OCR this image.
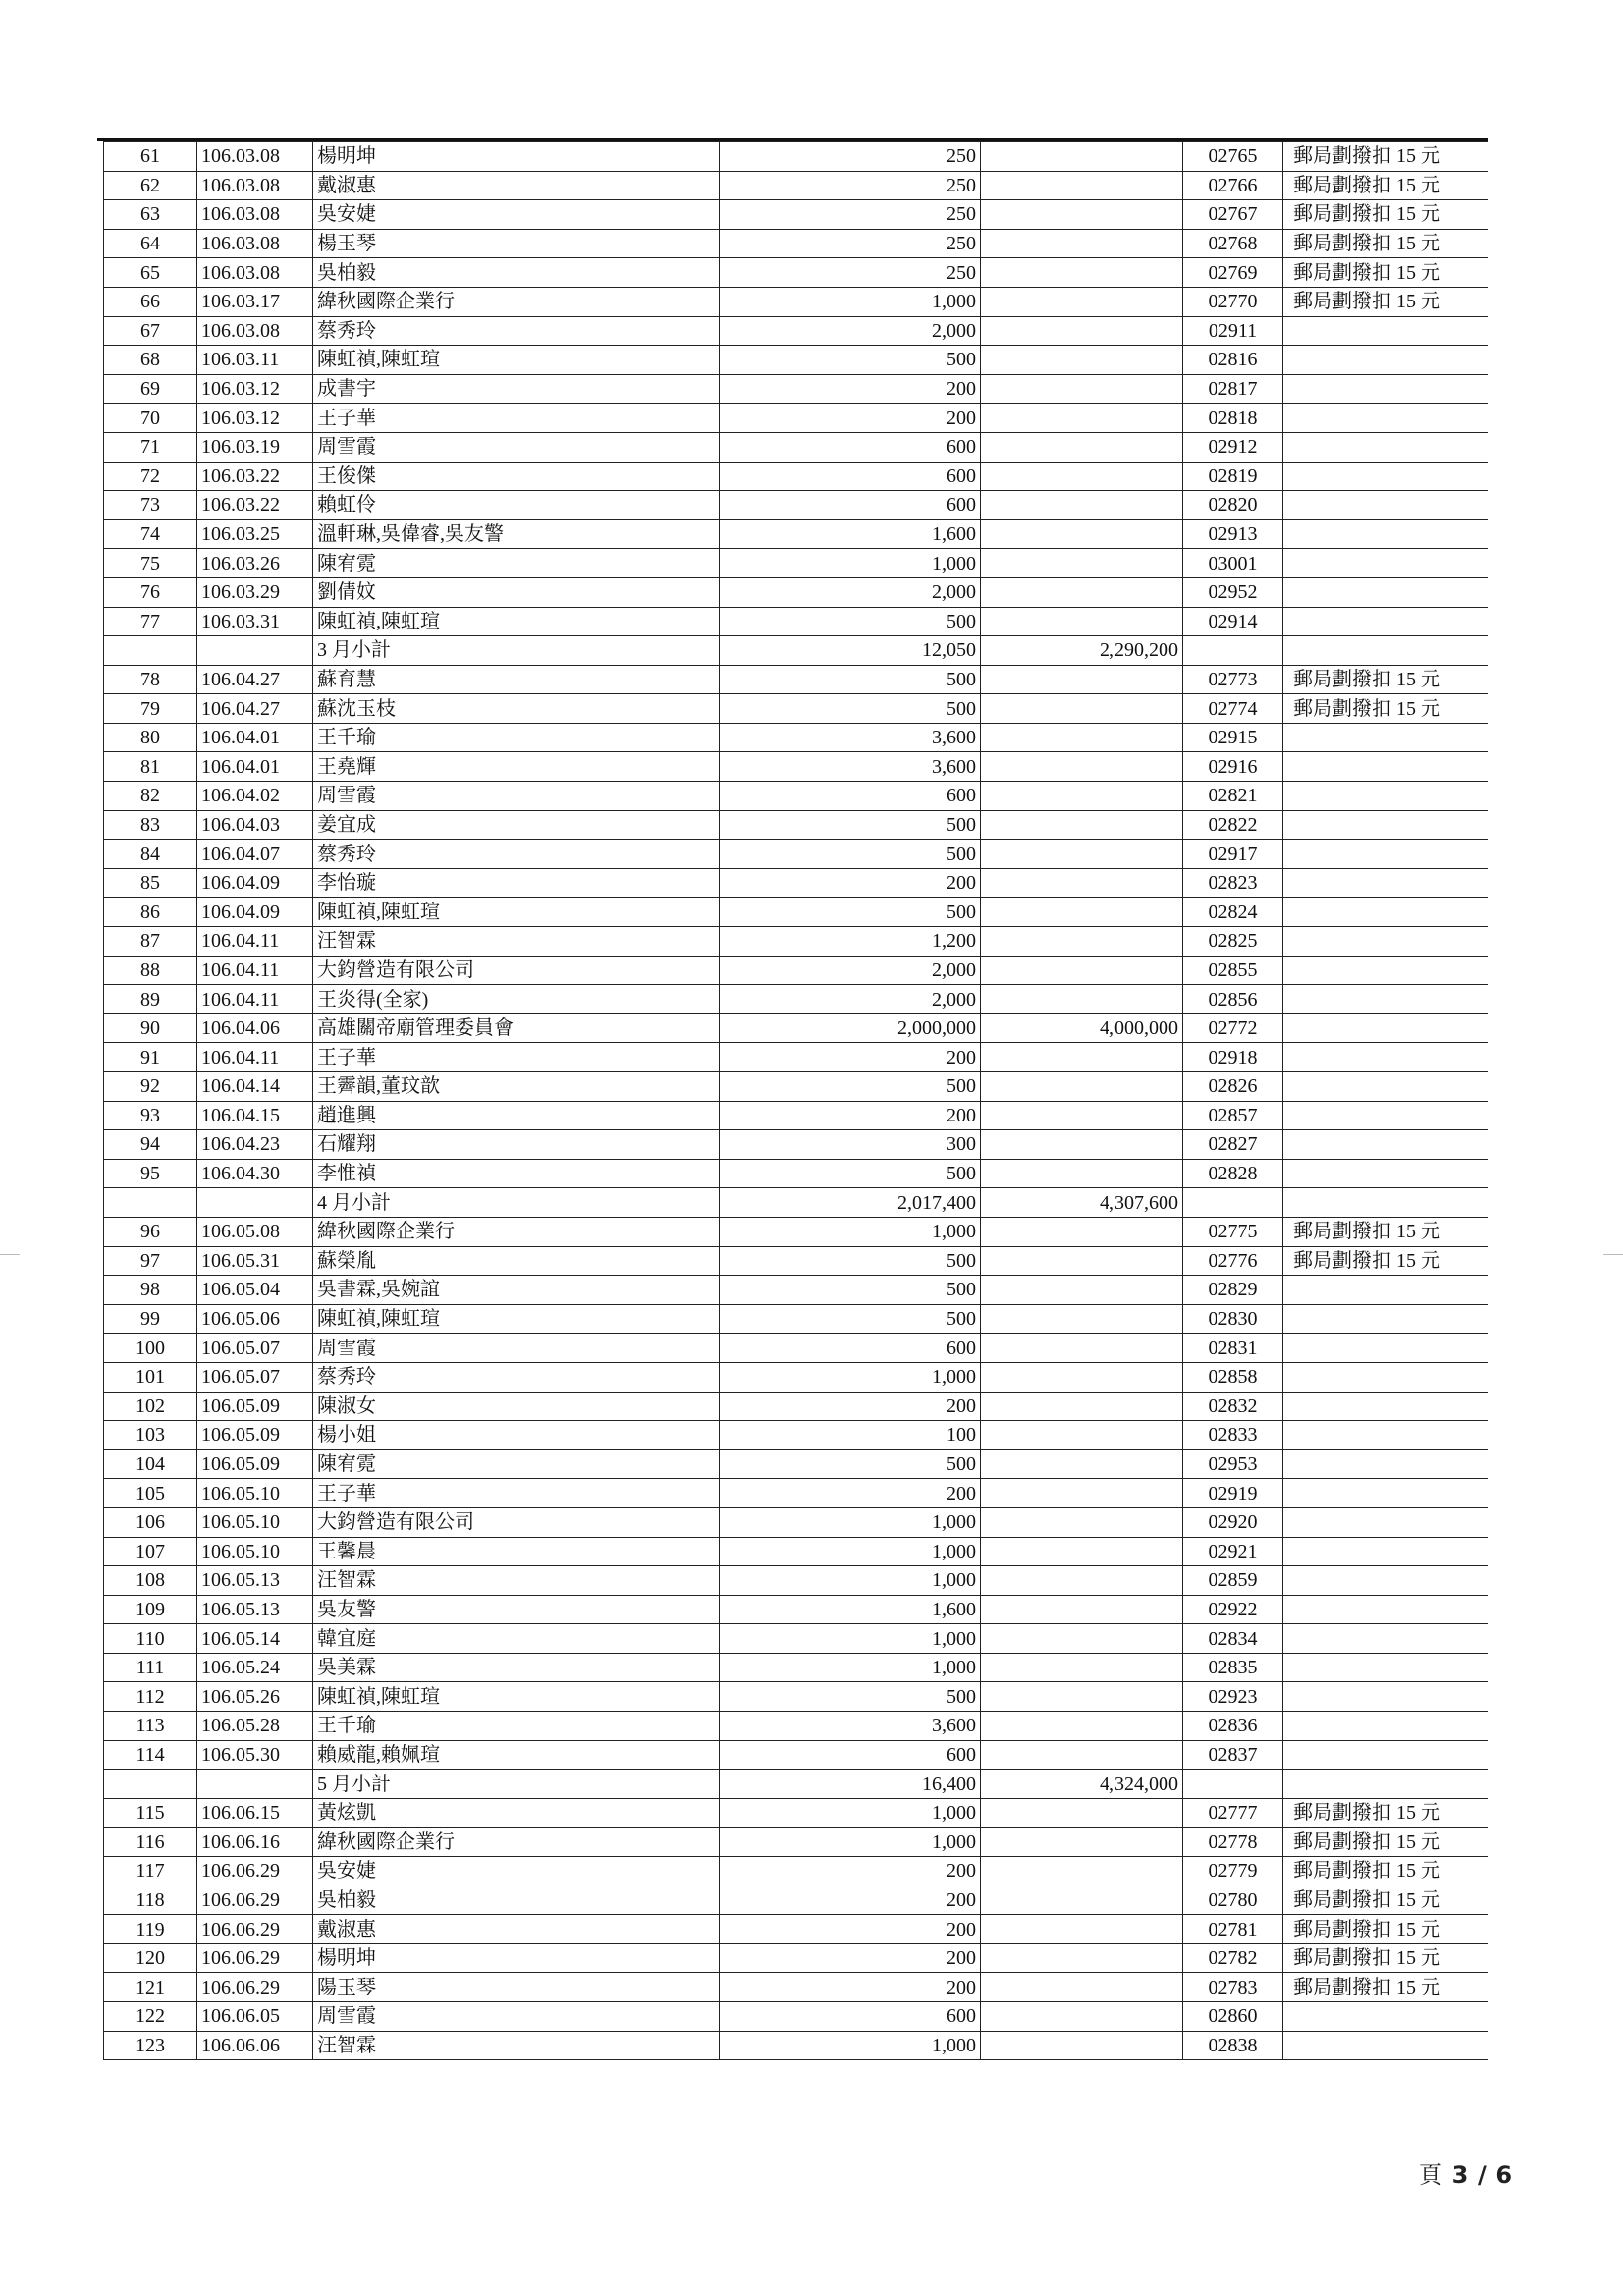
61	106.03.08	楊明坤	250		02765	郵局劃撥扣 15 元
62	106.03.08	戴淑惠	250		02766	郵局劃撥扣 15 元
63	106.03.08	吳安婕	250		02767	郵局劃撥扣 15 元
64	106.03.08	楊玉琴	250		02768	郵局劃撥扣 15 元
65	106.03.08	吳柏毅	250		02769	郵局劃撥扣 15 元
66	106.03.17	緯秋國際企業行	1,000		02770	郵局劃撥扣 15 元
67	106.03.08	蔡秀玲	2,000		02911	
68	106.03.11	陳虹禎,陳虹瑄	500		02816	
69	106.03.12	成書宇	200		02817	
70	106.03.12	王子華	200		02818	
71	106.03.19	周雪霞	600		02912	
72	106.03.22	王俊傑	600		02819	
73	106.03.22	賴虹伶	600		02820	
74	106.03.25	溫軒琳,吳偉睿,吳友警	1,600		02913	
75	106.03.26	陳宥霓	1,000		03001	
76	106.03.29	劉倩妏	2,000		02952	
77	106.03.31	陳虹禎,陳虹瑄	500		02914	
		3 月小計	12,050	2,290,200		
78	106.04.27	蘇育慧	500		02773	郵局劃撥扣 15 元
79	106.04.27	蘇沈玉枝	500		02774	郵局劃撥扣 15 元
80	106.04.01	王千瑜	3,600		02915	
81	106.04.01	王堯輝	3,600		02916	
82	106.04.02	周雪霞	600		02821	
83	106.04.03	姜宜成	500		02822	
84	106.04.07	蔡秀玲	500		02917	
85	106.04.09	李怡璇	200		02823	
86	106.04.09	陳虹禎,陳虹瑄	500		02824	
87	106.04.11	汪智霖	1,200		02825	
88	106.04.11	大鈞營造有限公司	2,000		02855	
89	106.04.11	王炎得(全家)	2,000		02856	
90	106.04.06	高雄關帝廟管理委員會	2,000,000	4,000,000	02772	
91	106.04.11	王子華	200		02918	
92	106.04.14	王霽韻,董玟歆	500		02826	
93	106.04.15	趙進興	200		02857	
94	106.04.23	石耀翔	300		02827	
95	106.04.30	李惟禎	500		02828	
		4 月小計	2,017,400	4,307,600		
96	106.05.08	緯秋國際企業行	1,000		02775	郵局劃撥扣 15 元
97	106.05.31	蘇榮胤	500		02776	郵局劃撥扣 15 元
98	106.05.04	吳書霖,吳婉誼	500		02829	
99	106.05.06	陳虹禎,陳虹瑄	500		02830	
100	106.05.07	周雪霞	600		02831	
101	106.05.07	蔡秀玲	1,000		02858	
102	106.05.09	陳淑女	200		02832	
103	106.05.09	楊小姐	100		02833	
104	106.05.09	陳宥霓	500		02953	
105	106.05.10	王子華	200		02919	
106	106.05.10	大鈞營造有限公司	1,000		02920	
107	106.05.10	王馨晨	1,000		02921	
108	106.05.13	汪智霖	1,000		02859	
109	106.05.13	吳友警	1,600		02922	
110	106.05.14	韓宜庭	1,000		02834	
111	106.05.24	吳美霖	1,000		02835	
112	106.05.26	陳虹禎,陳虹瑄	500		02923	
113	106.05.28	王千瑜	3,600		02836	
114	106.05.30	賴威龍,賴姵瑄	600		02837	
		5 月小計	16,400	4,324,000		
115	106.06.15	黃炫凱	1,000		02777	郵局劃撥扣 15 元
116	106.06.16	緯秋國際企業行	1,000		02778	郵局劃撥扣 15 元
117	106.06.29	吳安婕	200		02779	郵局劃撥扣 15 元
118	106.06.29	吳柏毅	200		02780	郵局劃撥扣 15 元
119	106.06.29	戴淑惠	200		02781	郵局劃撥扣 15 元
120	106.06.29	楊明坤	200		02782	郵局劃撥扣 15 元
121	106.06.29	陽玉琴	200		02783	郵局劃撥扣 15 元
122	106.06.05	周雪霞	600		02860	
123	106.06.06	汪智霖	1,000		02838	
頁 3 / 6
